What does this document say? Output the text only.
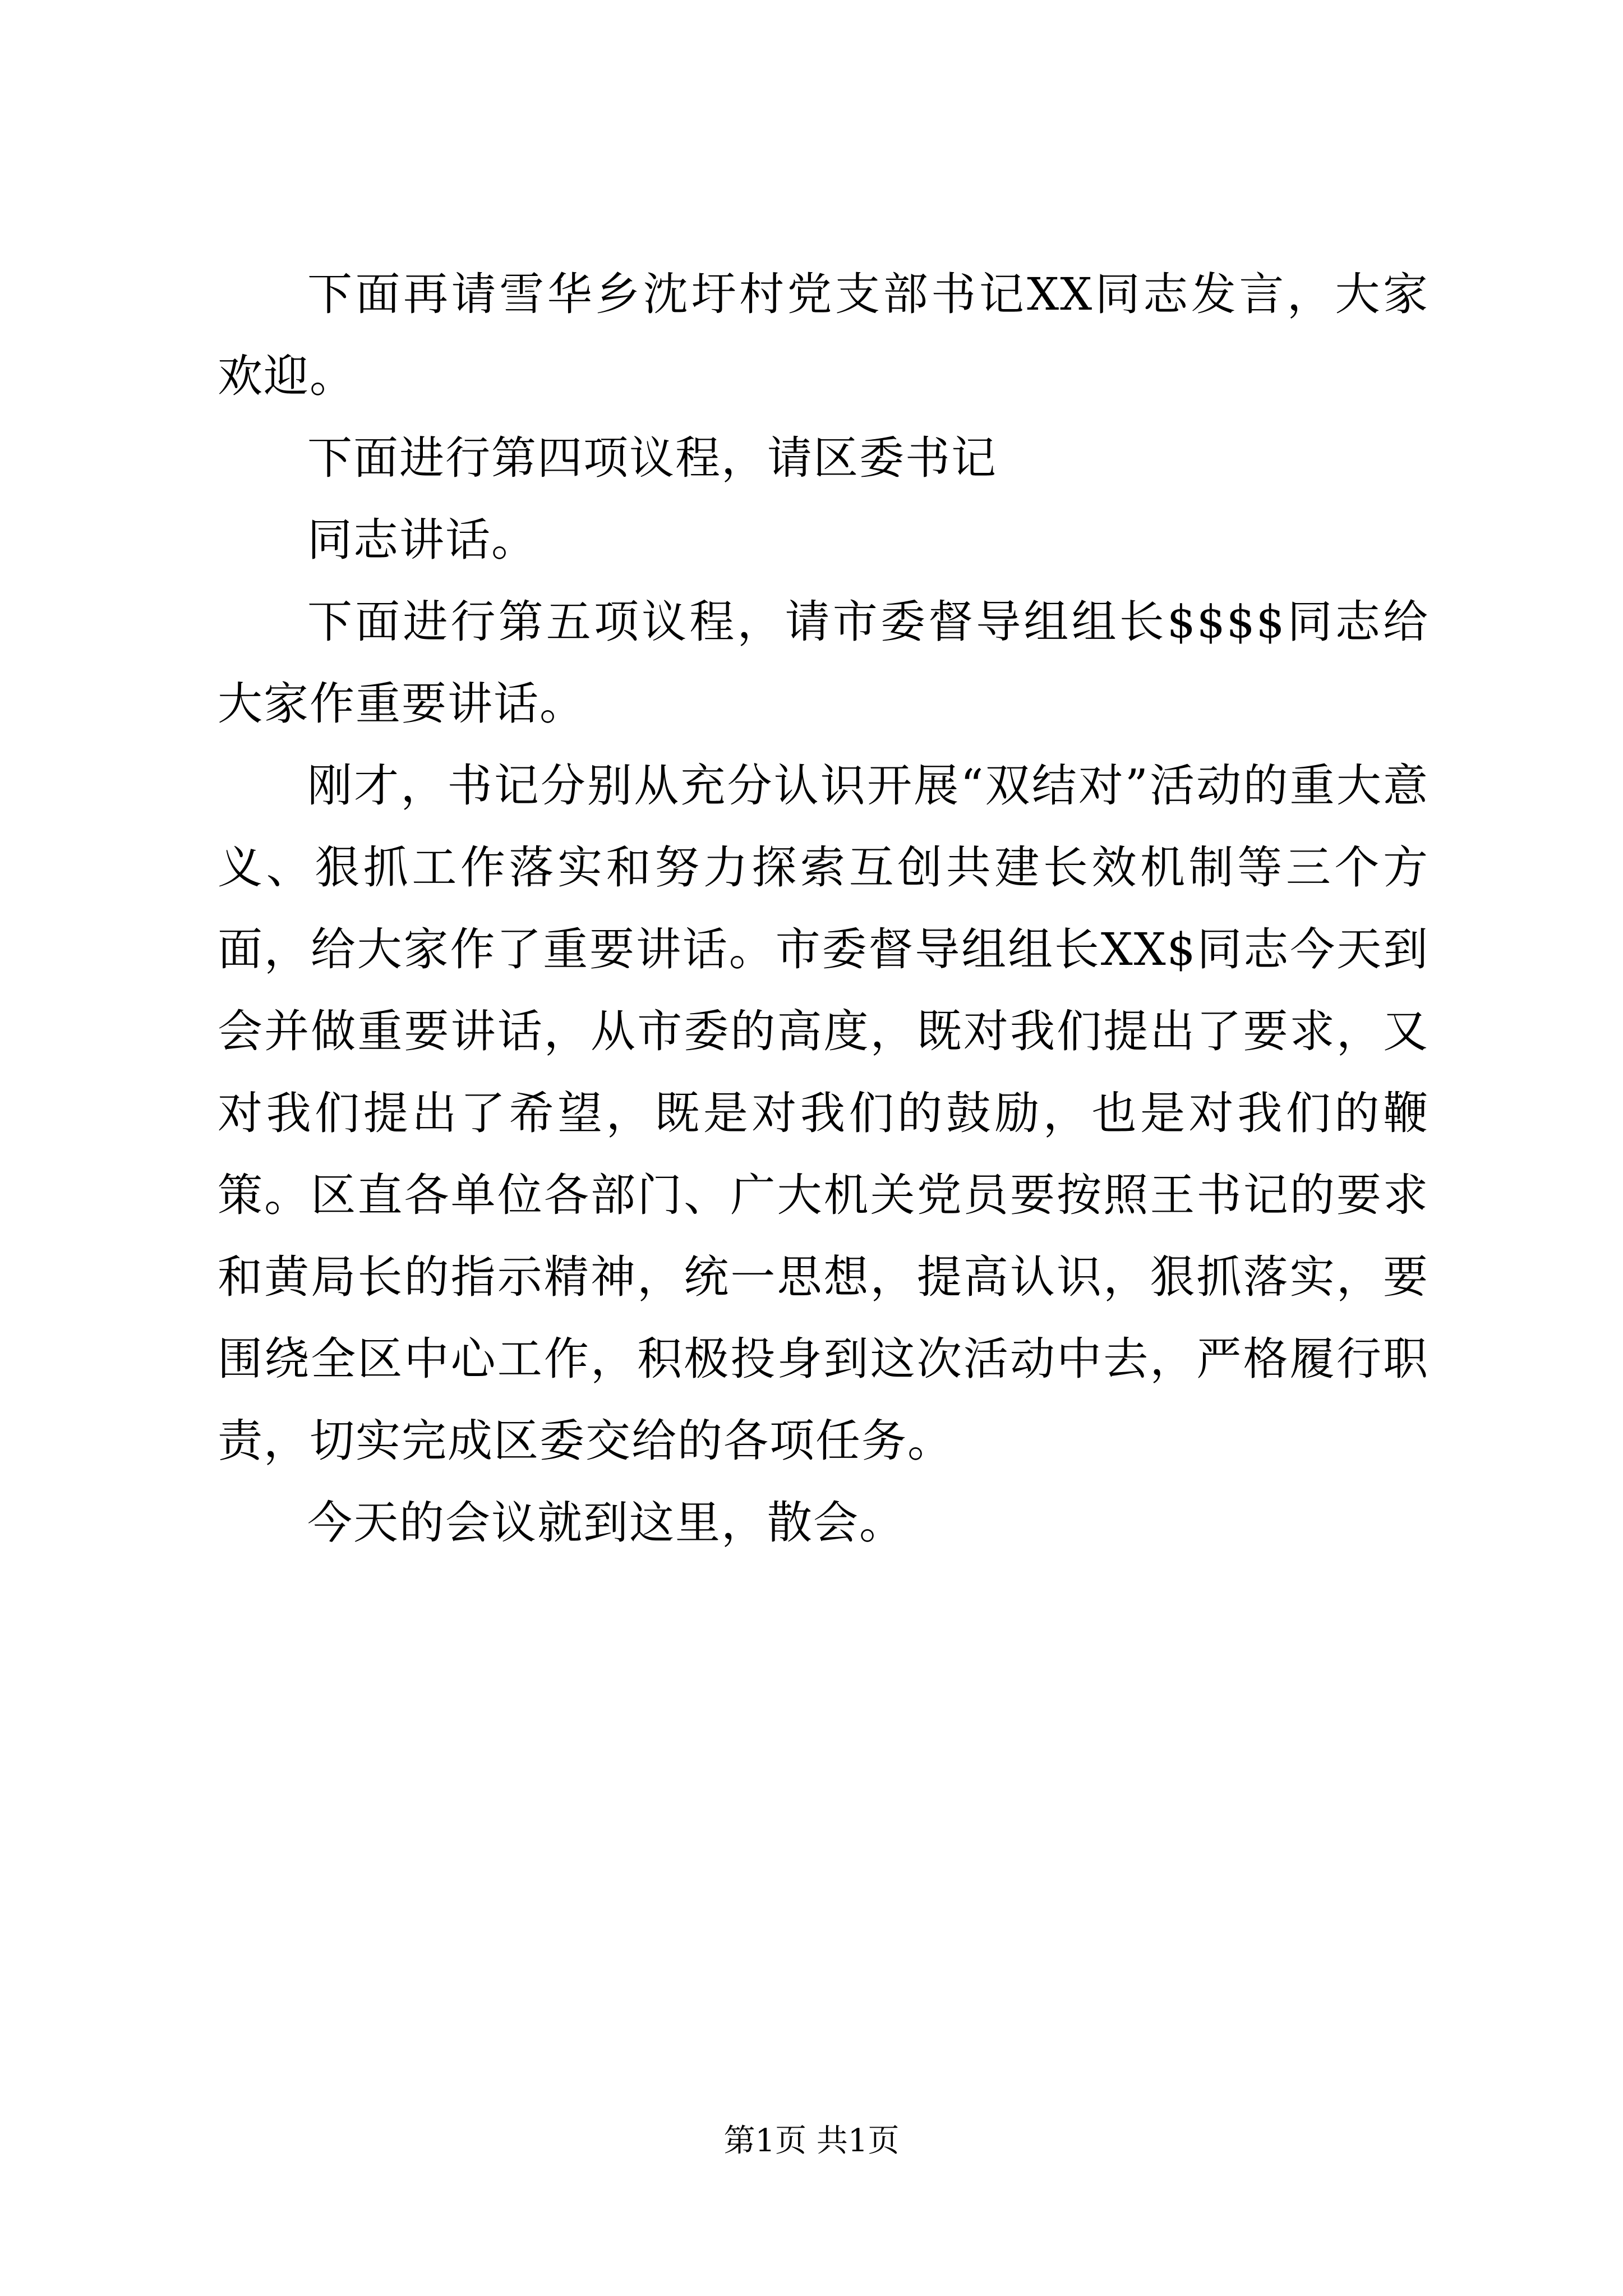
下面再请雪华乡沈圩村党支部书记XX同志发言，大家欢迎。

下面进行第四项议程，请区委书记

同志讲话。

下面进行第五项议程，请市委督导组组长$$$$同志给大家作重要讲话。

刚才，书记分别从充分认识开展“双结对”活动的重大意义、狠抓工作落实和努力探索互创共建长效机制等三个方面，给大家作了重要讲话。市委督导组组长XX$同志今天到会并做重要讲话，从市委的高度，既对我们提出了要求，又对我们提出了希望，既是对我们的鼓励，也是对我们的鞭策。区直各单位各部门、广大机关党员要按照王书记的要求和黄局长的指示精神，统一思想，提高认识，狠抓落实，要围绕全区中心工作，积极投身到这次活动中去，严格履行职责，切实完成区委交给的各项任务。

今天的会议就到这里，散会。

第1页 共1页
